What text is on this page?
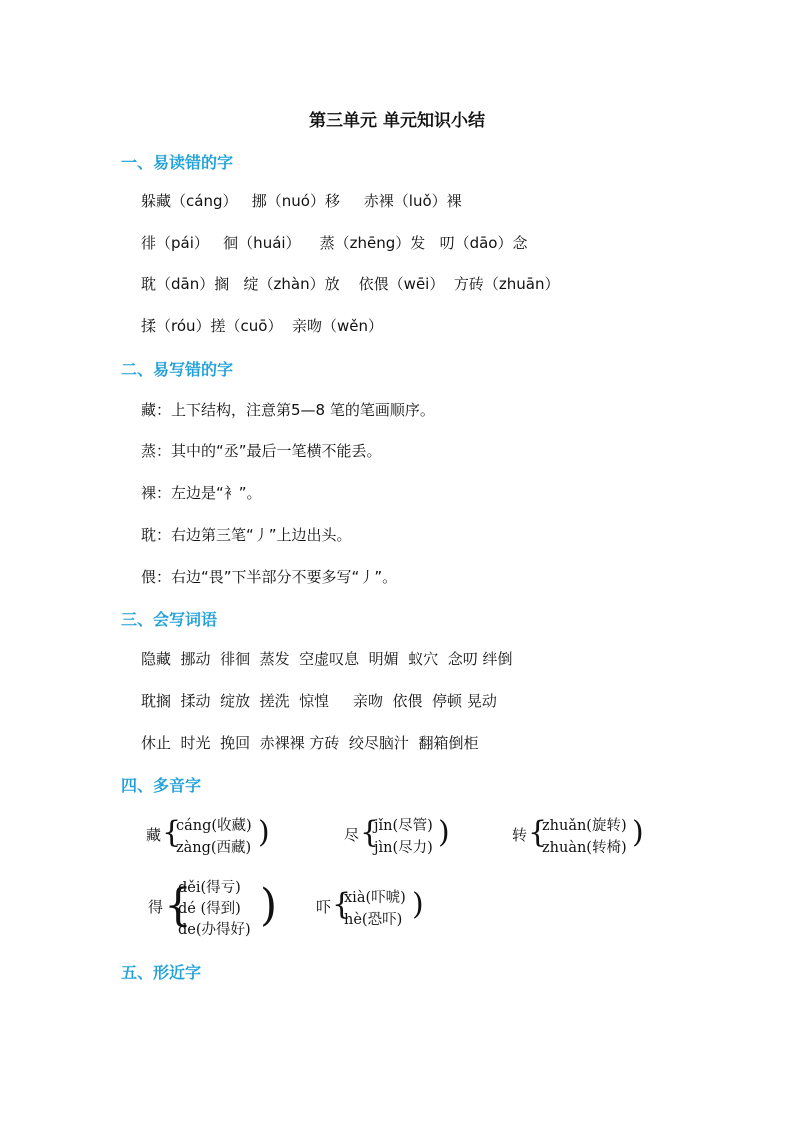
第三单元 单元知识小结
一、易读错的字
躲藏（cáng）   挪（nuó）移     赤裸（luǒ）裸
徘（pái）   徊（huái）    蒸（zhēng）发   叨（dāo）念
耽（dān）搁   绽（zhàn）放    依偎（wēi）  方砖（zhuān）
揉（róu）搓（cuō）  亲吻（wěn）
二、易写错的字
藏：上下结构，注意第5—8 笔的笔画顺序。
蒸：其中的“丞”最后一笔横不能丢。
裸：左边是“衤”。
耽：右边第三笔“丿”上边出头。
偎：右边“畏”下半部分不要多写“丿”。
三、会写词语
隐藏  挪动  徘徊  蒸发  空虚叹息  明媚  蚁穴  念叨 绊倒
耽搁  揉动  绽放  搓洗  惊惶     亲吻  依偎  停顿 晃动
休止  时光  挽回  赤裸裸 方砖  绞尽脑汁  翻箱倒柜
四、多音字
藏 {
cáng(收藏)
zàng(西藏) )	尽 {
jǐn(尽管)
jìn(尽力) )	转 {
zhuǎn(旋转)
zhuàn(转椅) )
得 {
děi(得亏)
dé (得到)
de(办得好) )	吓 {
xià(吓唬)
hè(恐吓) )
五、形近字
